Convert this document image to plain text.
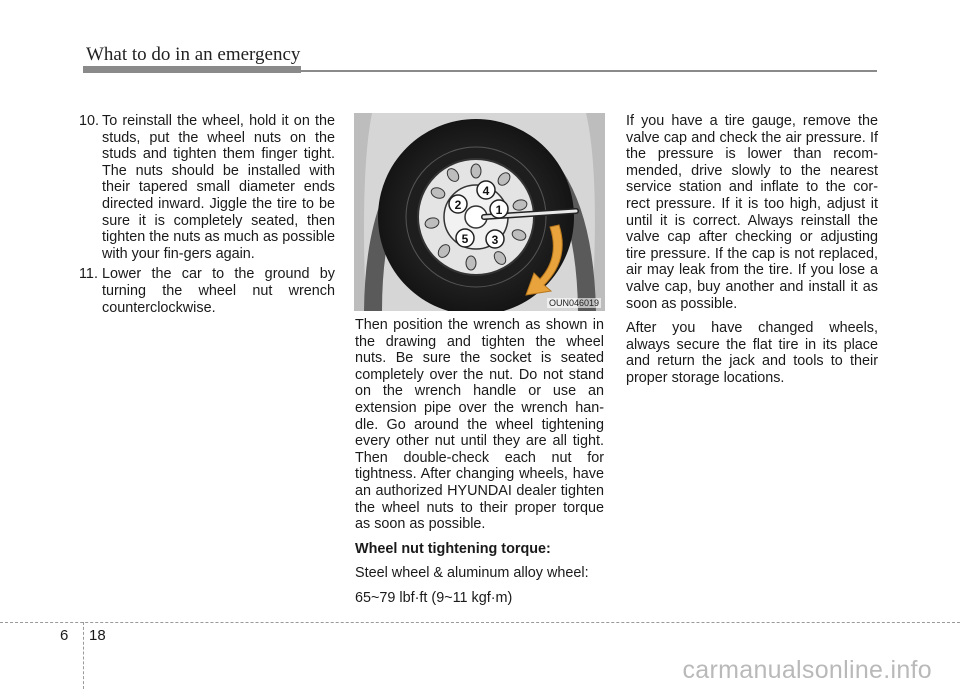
What to do in an emergency
10. To reinstall the wheel, hold it on the studs, put the wheel nuts on the studs and tighten them finger tight. The nuts should be installed with their tapered small diameter ends directed inward. Jiggle the tire to be sure it is completely seated, then tighten the nuts as much as possible with your fin-gers again.
11. Lower the car to the ground by turning the wheel nut wrench counterclockwise.
1
2
3
4
5
OUN046019

Then position the wrench as shown in the drawing and tighten the wheel nuts. Be sure the socket is seated completely over the nut. Do not stand on the wrench handle or use an extension pipe over the wrench han-dle. Go around the wheel tightening every other nut until they are all tight. Then double-check each nut for tightness. After changing wheels, have an authorized HYUNDAI dealer tighten the wheel nuts to their proper torque as soon as possible.

Wheel nut tightening torque:

Steel wheel & aluminum alloy wheel:

65~79 lbf·ft (9~11 kgf·m)

If you have a tire gauge, remove the valve cap and check the air pressure. If the pressure is lower than recom-mended, drive slowly to the nearest service station and inflate to the cor-rect pressure. If it is too high, adjust it until it is correct. Always reinstall the valve cap after checking or adjusting tire pressure. If the cap is not replaced, air may leak from the tire. If you lose a valve cap, buy another and install it as soon as possible.

After you have changed wheels, always secure the flat tire in its place and return the jack and tools to their proper storage locations.

6 18
carmanualsonline.info
